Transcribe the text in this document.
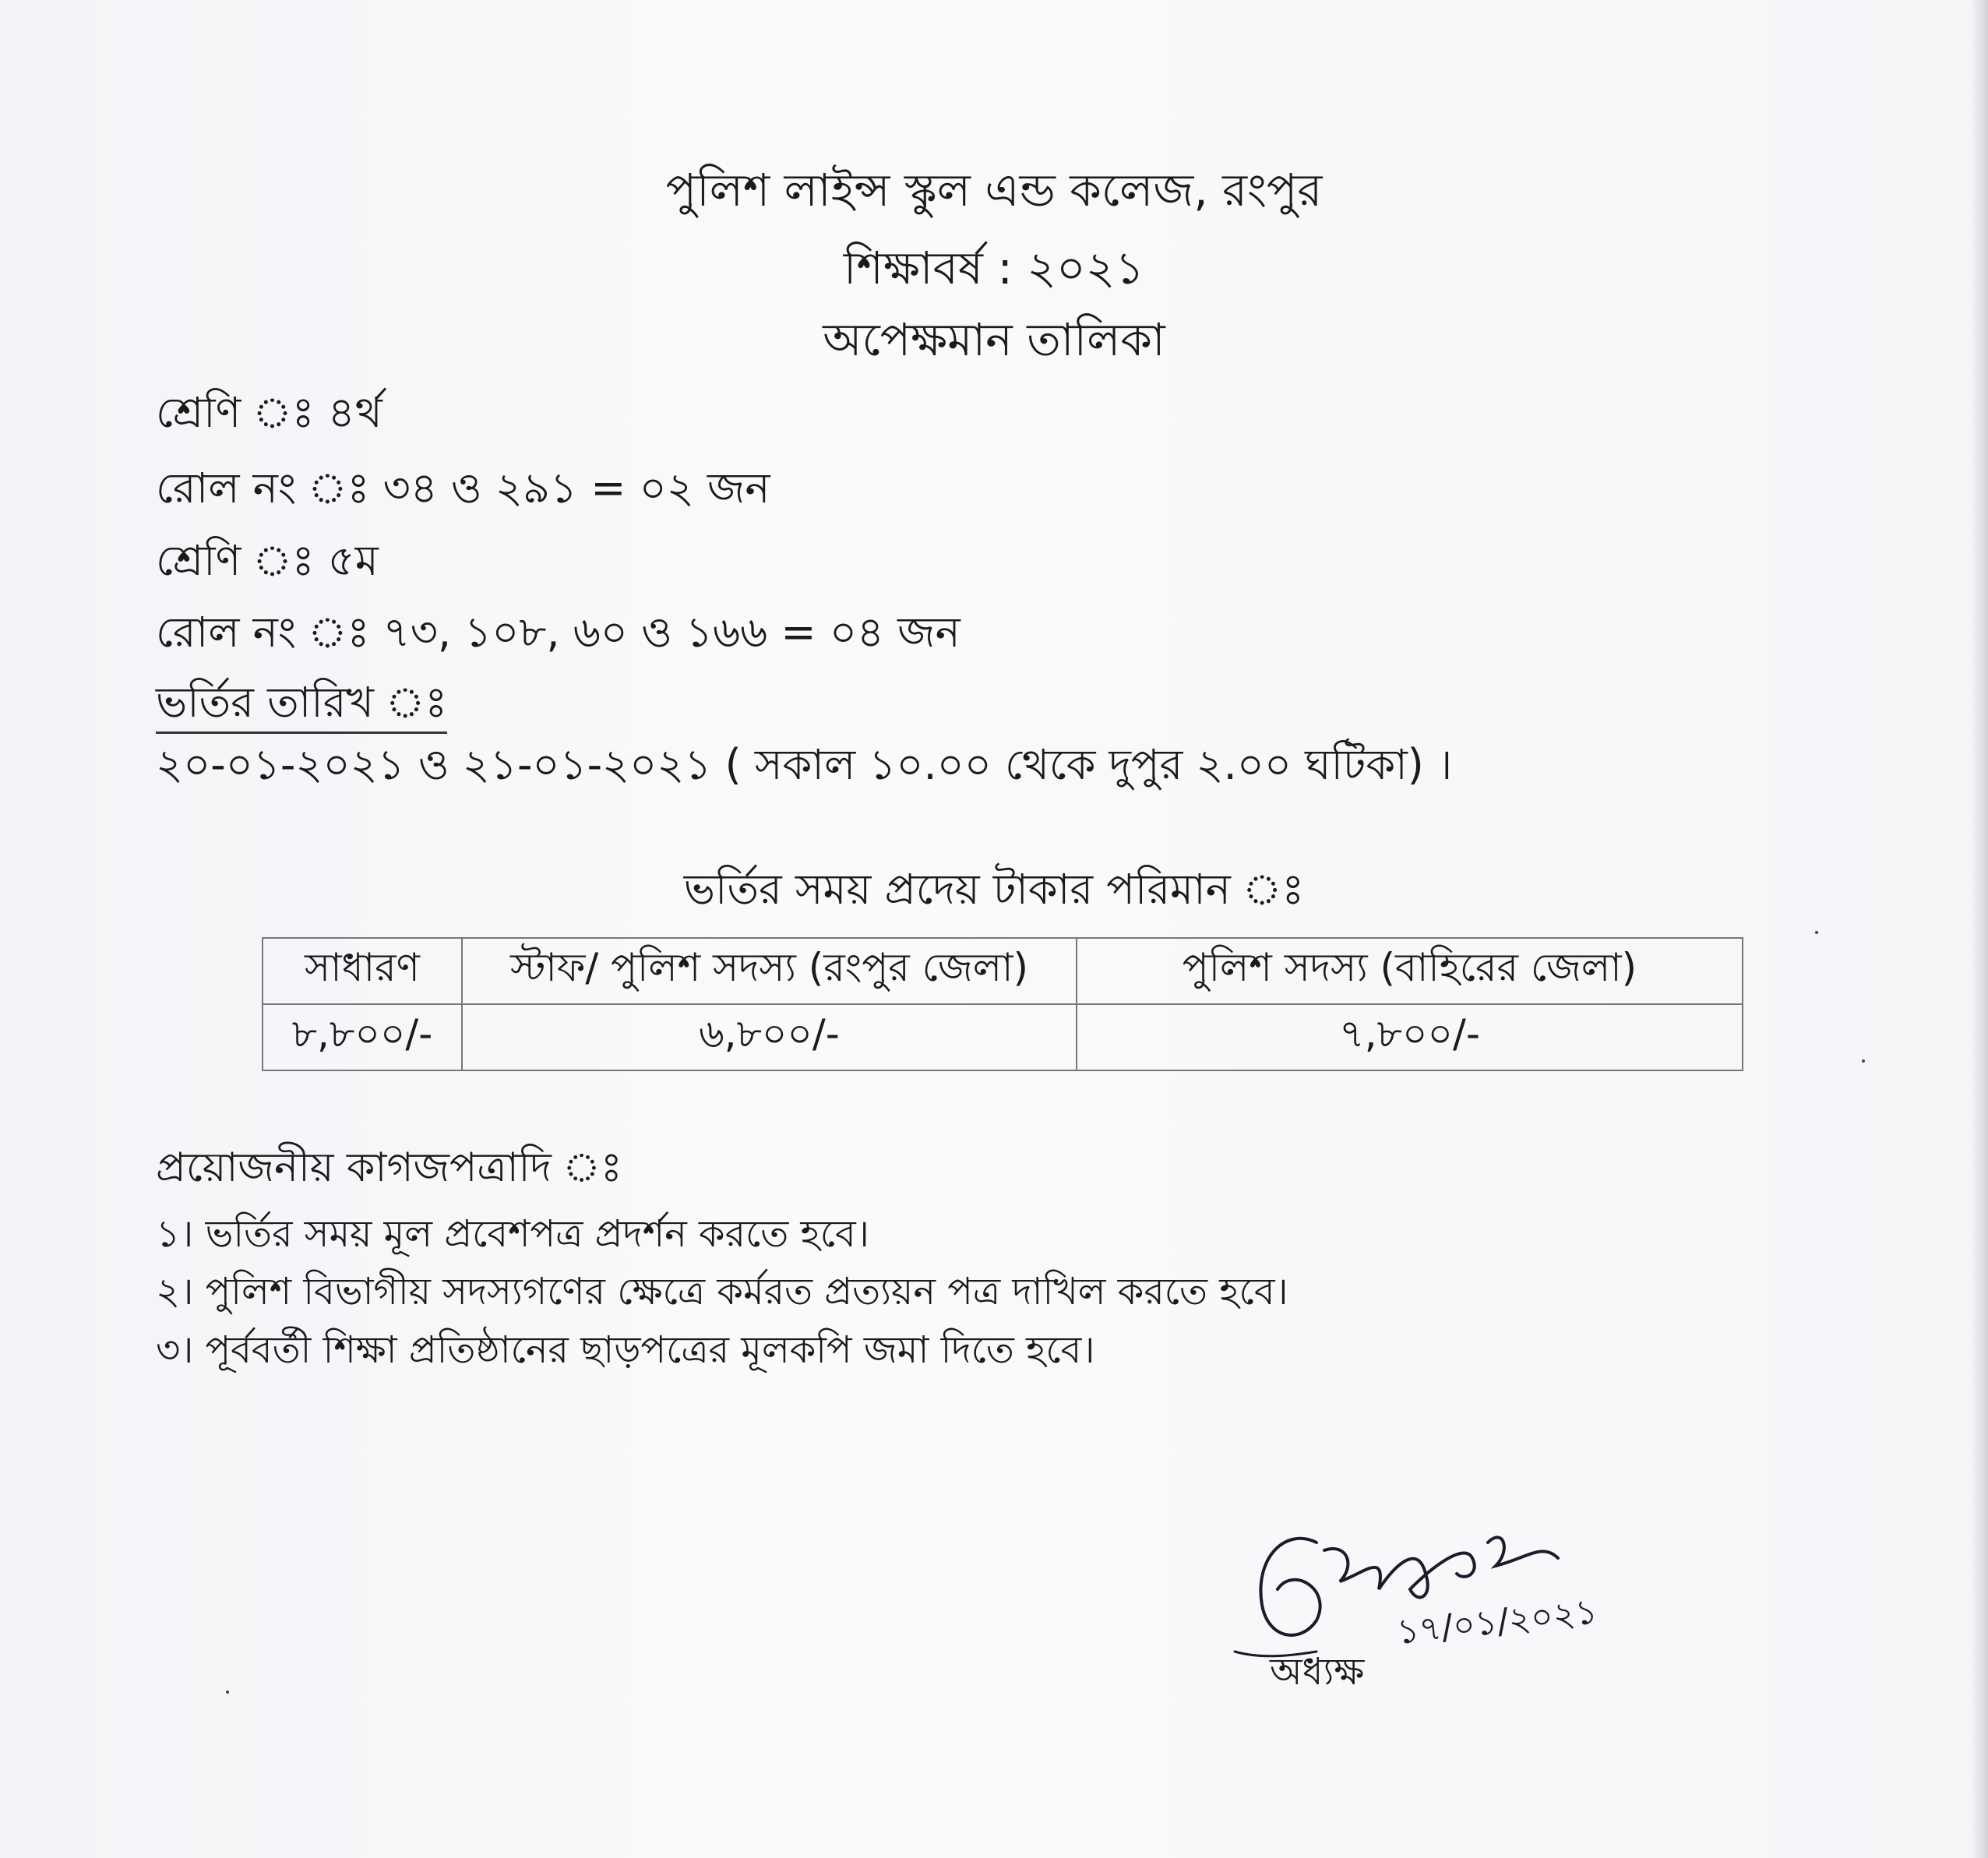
পুলিশ লাইন্স স্কুল এন্ড কলেজ, রংপুর
শিক্ষাবর্ষ : ২০২১
অপেক্ষমান তালিকা
শ্রেণি ঃ ৪র্থ
রোল নং ঃ ৩৪ ও ২৯১ = ০২ জন
শ্রেণি ঃ ৫ম
রোল নং ঃ ৭৩, ১০৮, ৬০ ও ১৬৬ = ০৪ জন
ভর্তির তারিখ ঃ
২০-০১-২০২১ ও ২১-০১-২০২১ ( সকাল ১০.০০ থেকে দুপুর ২.০০ ঘটিকা) ।
ভর্তির সময় প্রদেয় টাকার পরিমান ঃ
সাধারণ	স্টাফ/ পুলিশ সদস্য (রংপুর জেলা)	পুলিশ সদস্য (বাহিরের জেলা)
৮,৮০০/-	৬,৮০০/-	৭,৮০০/-
প্রয়োজনীয় কাগজপত্রাদি ঃ
১। ভর্তির সময় মূল প্রবেশপত্র প্রদর্শন করতে হবে।
২। পুলিশ বিভাগীয় সদস্যগণের ক্ষেত্রে কর্মরত প্রত্যয়ন পত্র দাখিল করতে হবে।
৩। পূর্ববর্তী শিক্ষা প্রতিষ্ঠানের ছাড়পত্রের মূলকপি জমা দিতে হবে।
১৭/০১/২০২১
অধ্যক্ষ
